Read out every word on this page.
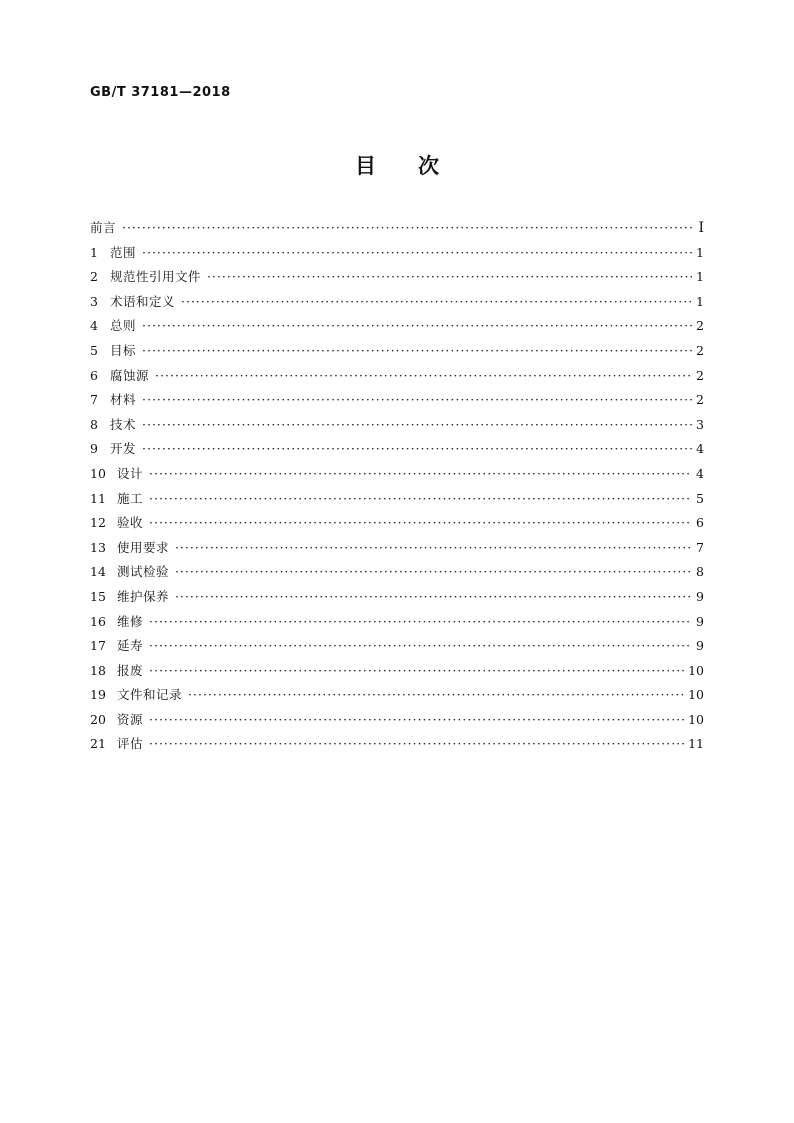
GB/T 37181—2018
目 次
前言 ·····	Ⅰ
1 范围 ·····	1
2 规范性引用文件 ·····	1
3 术语和定义 ·····	1
4 总则 ·····	2
5 目标 ·····	2
6 腐蚀源 ·····	2
7 材料 ·····	2
8 技术 ·····	3
9 开发 ·····	4
10 设计 ·····	4
11 施工 ·····	5
12 验收 ·····	6
13 使用要求 ·····	7
14 测试检验 ·····	8
15 维护保养 ·····	9
16 维修 ·····	9
17 延寿 ·····	9
18 报废 ·····	10
19 文件和记录 ·····	10
20 资源 ·····	10
21 评估 ·····	11
